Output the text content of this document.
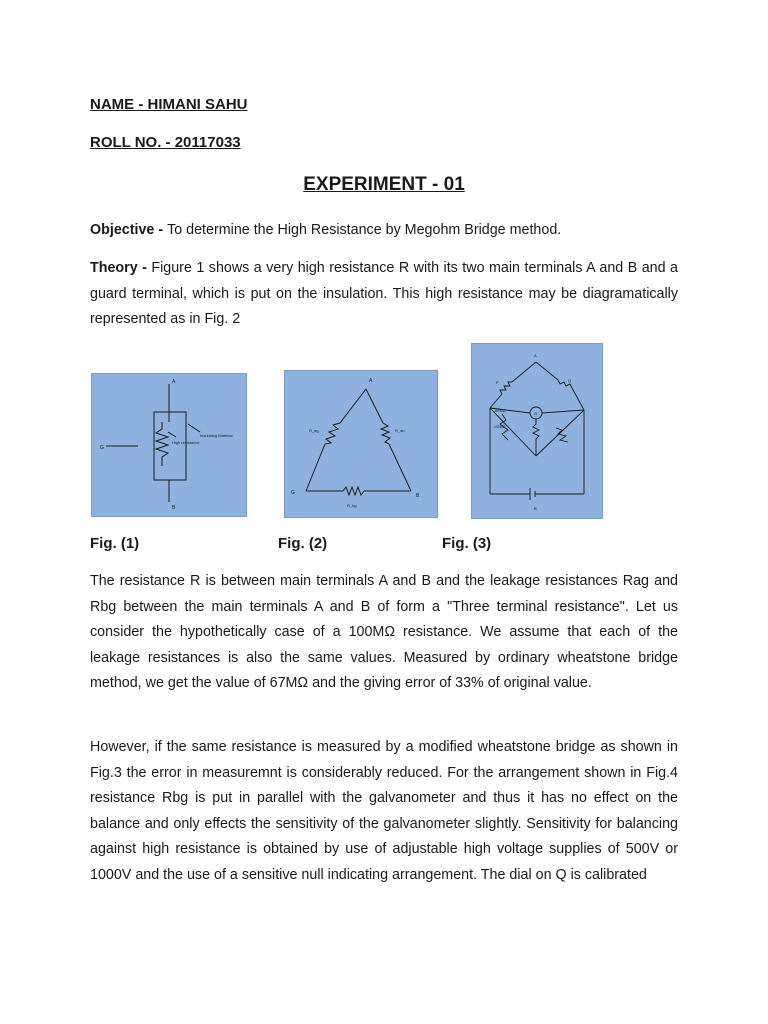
NAME - HIMANI SAHU
ROLL NO. - 20117033
EXPERIMENT - 01

Objective - To determine the High Resistance by Megohm Bridge method.

Theory - Figure 1 shows a very high resistance R with its two main terminals A and B and a guard terminal, which is put on the insulation. This high resistance may be diagramatically represented as in Fig. 2

A
B
G
Insulating Material
High resistance
A
G	B
R_ag	R_ab
R_bg
A
P	Q
100MΩ
100MΩ
G
B
Fig. (1)	Fig. (2)	Fig. (3)

The resistance R is between main terminals A and B and the leakage resistances Rag and Rbg between the main terminals A and B of form a "Three terminal resistance". Let us consider the hypothetically case of a 100MΩ resistance. We assume that each of the leakage resistances is also the same values. Measured by ordinary wheatstone bridge method, we get the value of 67MΩ and the giving error of 33% of original value.

However, if the same resistance is measured by a modified wheatstone bridge as shown in Fig.3 the error in measuremnt is considerably reduced. For the arrangement shown in Fig.4 resistance Rbg is put in parallel with the galvanometer and thus it has no effect on the balance and only effects the sensitivity of the galvanometer slightly. Sensitivity for balancing against high resistance is obtained by use of adjustable high voltage supplies of 500V or 1000V and the use of a sensitive null indicating arrangement. The dial on Q is calibrated
